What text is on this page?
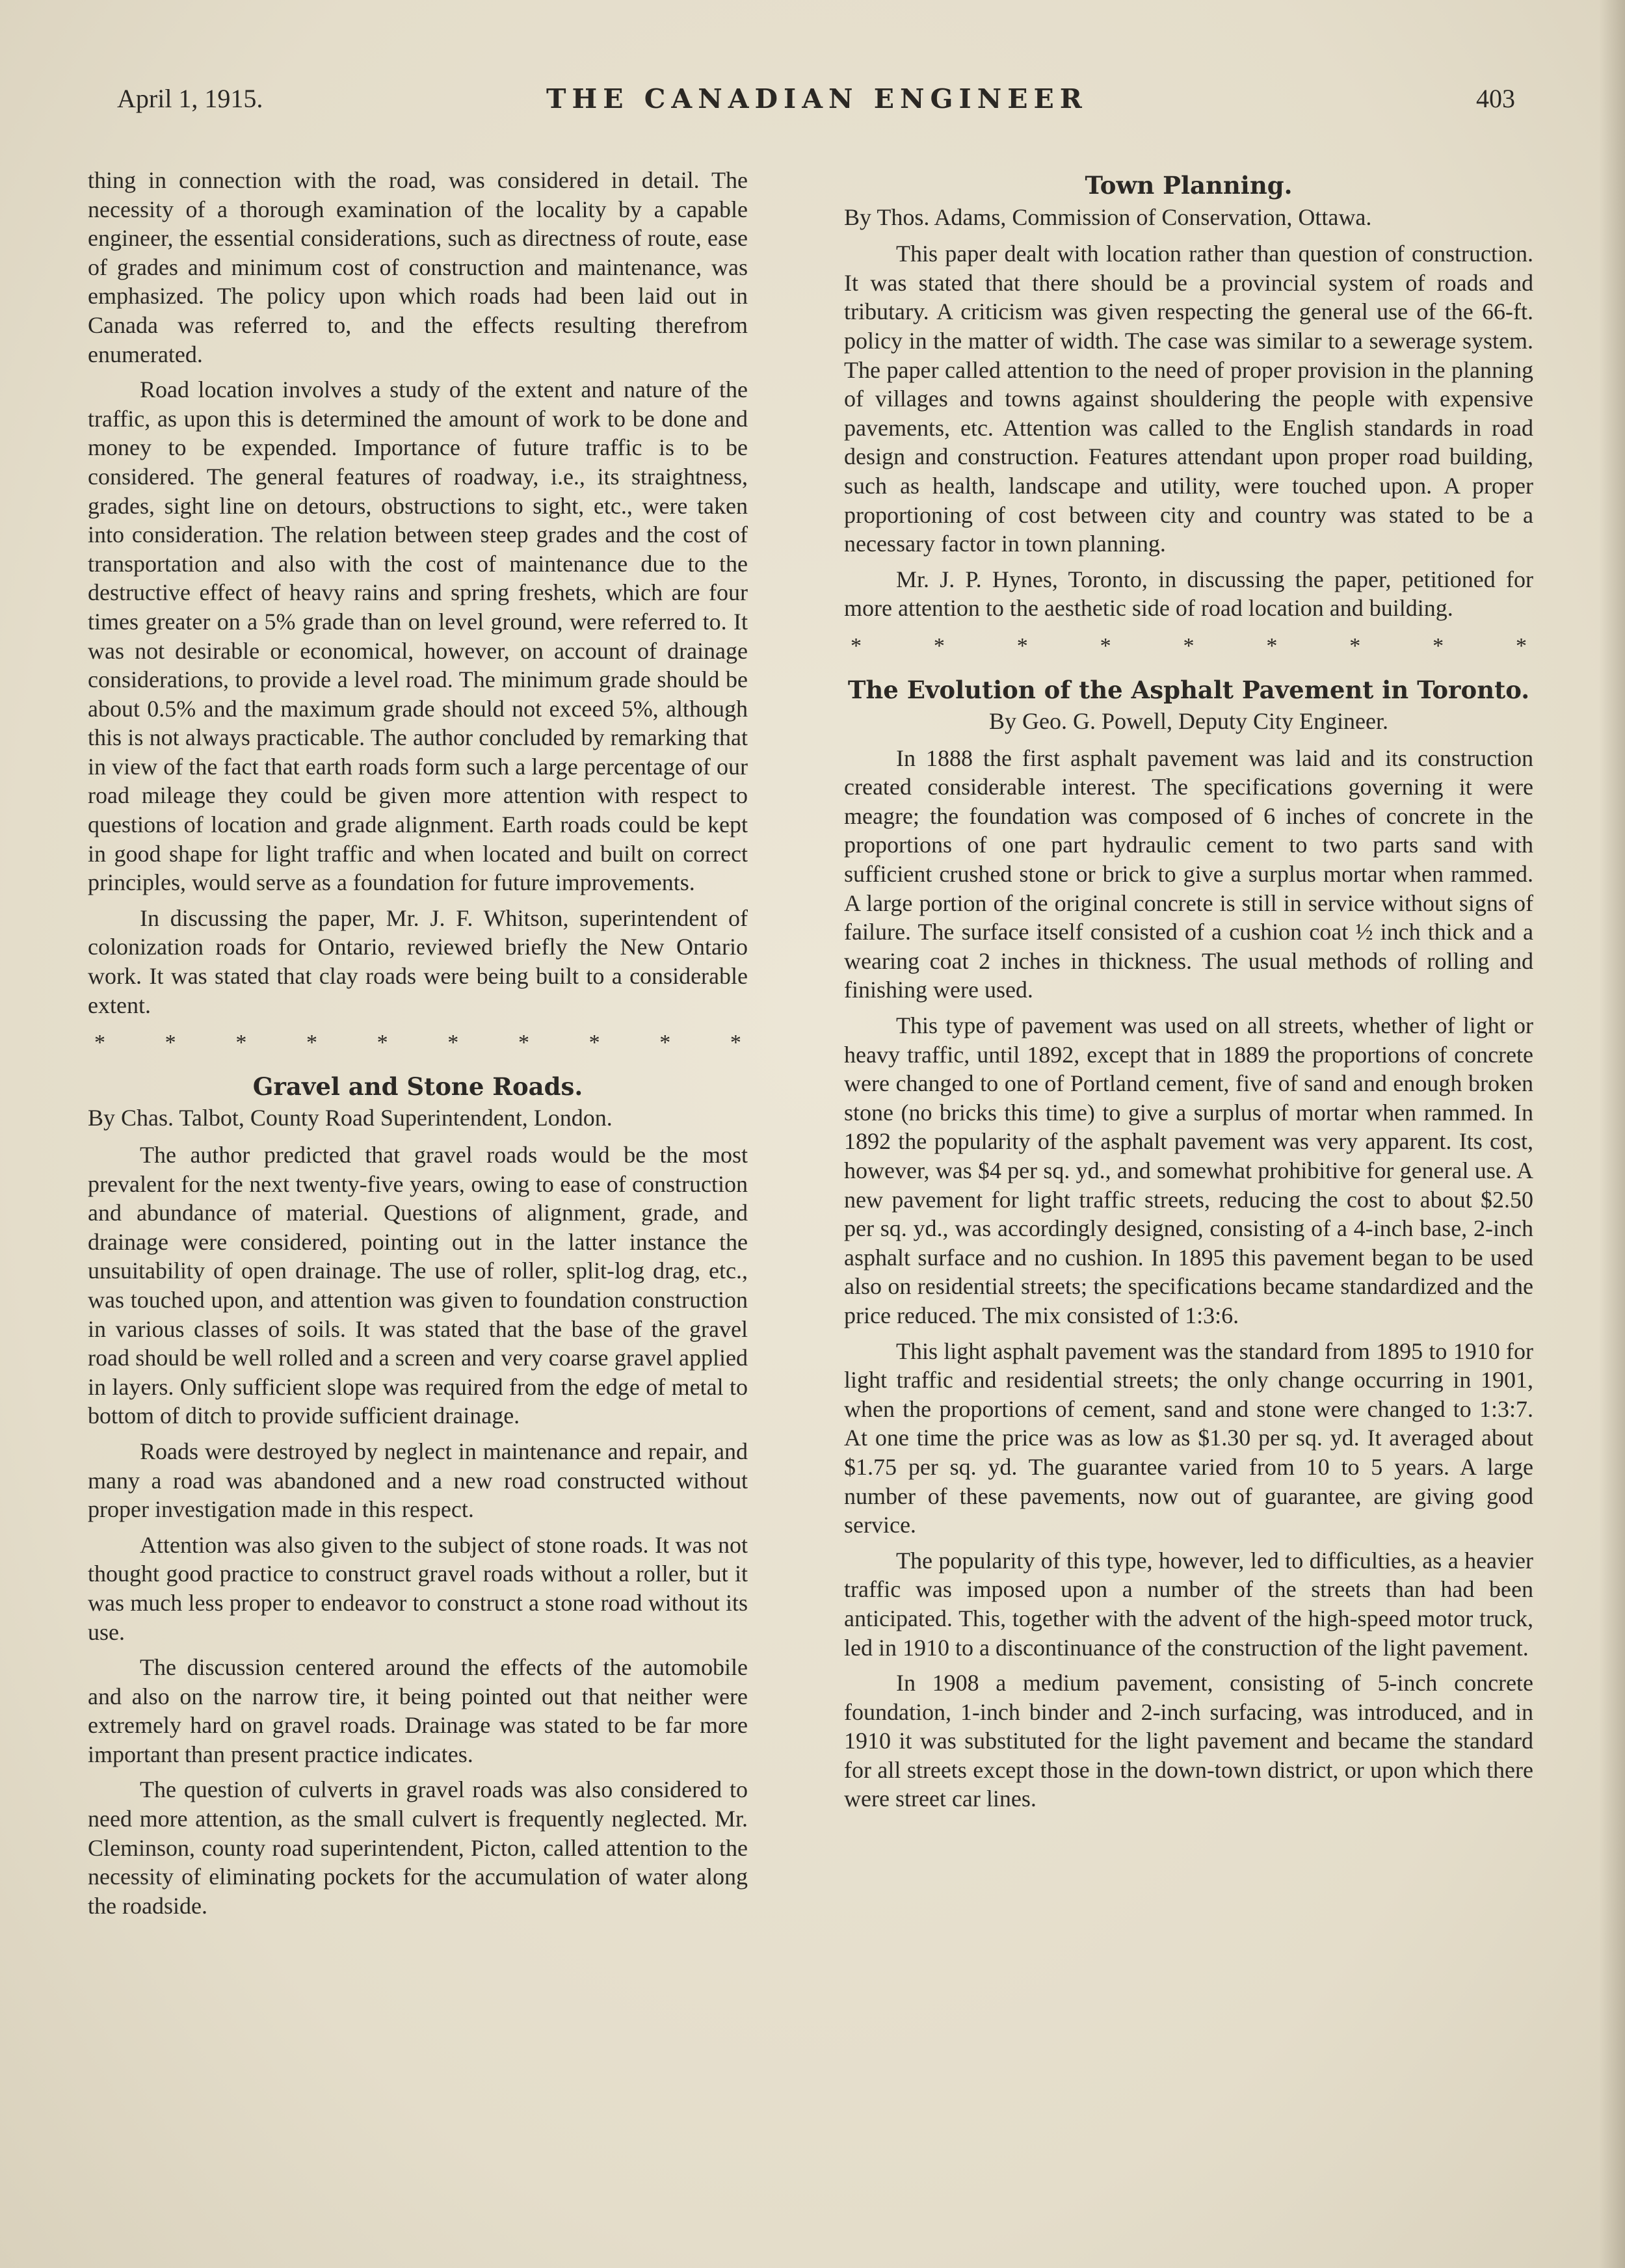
April 1, 1915.	THE CANADIAN ENGINEER	403

thing in connection with the road, was considered in detail. The necessity of a thorough examination of the locality by a capable engineer, the essential considerations, such as directness of route, ease of grades and minimum cost of construction and maintenance, was emphasized. The policy upon which roads had been laid out in Canada was referred to, and the effects resulting therefrom enumerated.

Road location involves a study of the extent and nature of the traffic, as upon this is determined the amount of work to be done and money to be expended. Importance of future traffic is to be considered. The general features of roadway, i.e., its straightness, grades, sight line on detours, obstructions to sight, etc., were taken into consideration. The relation between steep grades and the cost of transportation and also with the cost of maintenance due to the destructive effect of heavy rains and spring freshets, which are four times greater on a 5% grade than on level ground, were referred to. It was not desirable or economical, however, on account of drainage considerations, to provide a level road. The minimum grade should be about 0.5% and the maximum grade should not exceed 5%, although this is not always practicable. The author concluded by remarking that in view of the fact that earth roads form such a large percentage of our road mileage they could be given more attention with respect to questions of location and grade alignment. Earth roads could be kept in good shape for light traffic and when located and built on correct principles, would serve as a foundation for future improvements.

In discussing the paper, Mr. J. F. Whitson, superintendent of colonization roads for Ontario, reviewed briefly the New Ontario work. It was stated that clay roads were being built to a considerable extent.

*	*	*	*	*	*	*	*	*	*
Gravel and Stone Roads.
By Chas. Talbot, County Road Superintendent, London.

The author predicted that gravel roads would be the most prevalent for the next twenty-five years, owing to ease of construction and abundance of material. Questions of alignment, grade, and drainage were considered, pointing out in the latter instance the unsuitability of open drainage. The use of roller, split-log drag, etc., was touched upon, and attention was given to foundation construction in various classes of soils. It was stated that the base of the gravel road should be well rolled and a screen and very coarse gravel applied in layers. Only sufficient slope was required from the edge of metal to bottom of ditch to provide sufficient drainage.

Roads were destroyed by neglect in maintenance and repair, and many a road was abandoned and a new road constructed without proper investigation made in this respect.

Attention was also given to the subject of stone roads. It was not thought good practice to construct gravel roads without a roller, but it was much less proper to endeavor to construct a stone road without its use.

The discussion centered around the effects of the automobile and also on the narrow tire, it being pointed out that neither were extremely hard on gravel roads. Drainage was stated to be far more important than present practice indicates.

The question of culverts in gravel roads was also considered to need more attention, as the small culvert is frequently neglected. Mr. Cleminson, county road superintendent, Picton, called attention to the necessity of eliminating pockets for the accumulation of water along the roadside.

Town Planning.
By Thos. Adams, Commission of Conservation, Ottawa.

This paper dealt with location rather than question of construction. It was stated that there should be a provincial system of roads and tributary. A criticism was given respecting the general use of the 66-ft. policy in the matter of width. The case was similar to a sewerage system. The paper called attention to the need of proper provision in the planning of villages and towns against shouldering the people with expensive pavements, etc. Attention was called to the English standards in road design and construction. Features attendant upon proper road building, such as health, landscape and utility, were touched upon. A proper proportioning of cost between city and country was stated to be a necessary factor in town planning.

Mr. J. P. Hynes, Toronto, in discussing the paper, petitioned for more attention to the aesthetic side of road location and building.

*	*	*	*	*	*	*	*	*
The Evolution of the Asphalt Pavement in Toronto.
By Geo. G. Powell, Deputy City Engineer.

In 1888 the first asphalt pavement was laid and its construction created considerable interest. The specifications governing it were meagre; the foundation was composed of 6 inches of concrete in the proportions of one part hydraulic cement to two parts sand with sufficient crushed stone or brick to give a surplus mortar when rammed. A large portion of the original concrete is still in service without signs of failure. The surface itself consisted of a cushion coat ½ inch thick and a wearing coat 2 inches in thickness. The usual methods of rolling and finishing were used.

This type of pavement was used on all streets, whether of light or heavy traffic, until 1892, except that in 1889 the proportions of concrete were changed to one of Portland cement, five of sand and enough broken stone (no bricks this time) to give a surplus of mortar when rammed. In 1892 the popularity of the asphalt pavement was very apparent. Its cost, however, was $4 per sq. yd., and somewhat prohibitive for general use. A new pavement for light traffic streets, reducing the cost to about $2.50 per sq. yd., was accordingly designed, consisting of a 4-inch base, 2-inch asphalt surface and no cushion. In 1895 this pavement began to be used also on residential streets; the specifications became standardized and the price reduced. The mix consisted of 1:3:6.

This light asphalt pavement was the standard from 1895 to 1910 for light traffic and residential streets; the only change occurring in 1901, when the proportions of cement, sand and stone were changed to 1:3:7. At one time the price was as low as $1.30 per sq. yd. It averaged about $1.75 per sq. yd. The guarantee varied from 10 to 5 years. A large number of these pavements, now out of guarantee, are giving good service.

The popularity of this type, however, led to difficulties, as a heavier traffic was imposed upon a number of the streets than had been anticipated. This, together with the advent of the high-speed motor truck, led in 1910 to a discontinuance of the construction of the light pavement.

In 1908 a medium pavement, consisting of 5-inch concrete foundation, 1-inch binder and 2-inch surfacing, was introduced, and in 1910 it was substituted for the light pavement and became the standard for all streets except those in the down-town district, or upon which there were street car lines.
